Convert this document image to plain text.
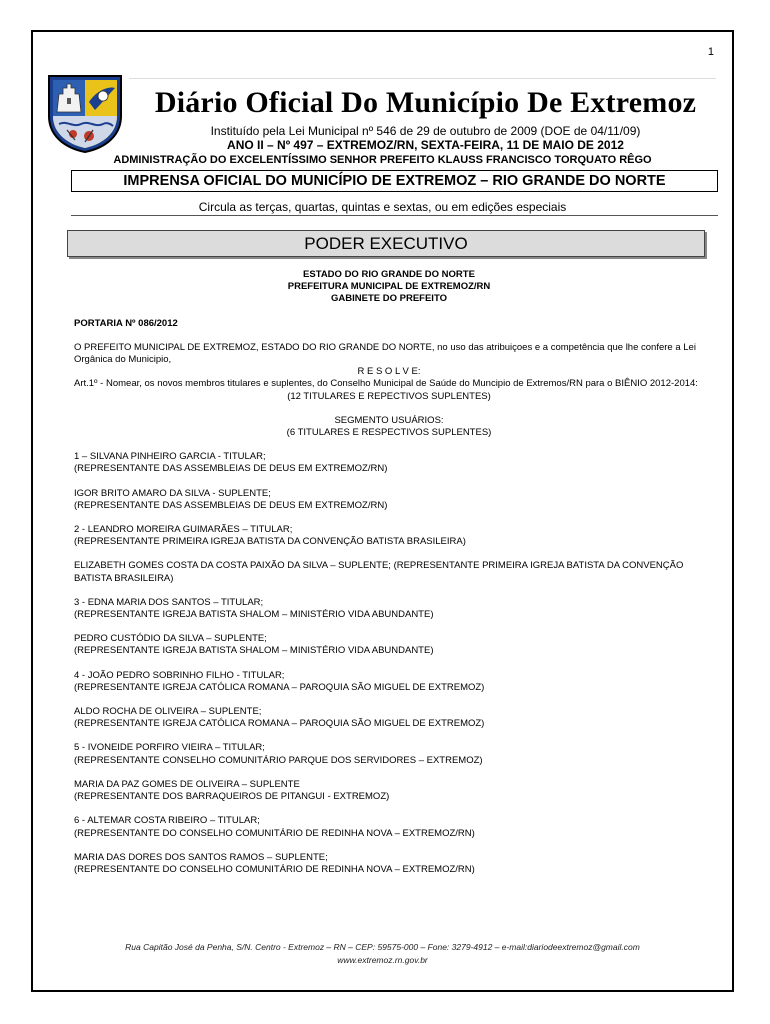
1
Diário Oficial Do Município De Extremoz
Instituído pela Lei Municipal nº 546 de 29 de outubro de 2009 (DOE de 04/11/09)
ANO II – Nº 497 – EXTREMOZ/RN, SEXTA-FEIRA, 11 DE MAIO DE 2012
ADMINISTRAÇÃO DO EXCELENTÍSSIMO SENHOR PREFEITO KLAUSS FRANCISCO TORQUATO RÊGO
IMPRENSA OFICIAL DO MUNICÍPIO DE EXTREMOZ – RIO GRANDE DO NORTE
Circula as terças, quartas, quintas e sextas, ou em edições especiais
PODER EXECUTIVO
ESTADO DO RIO GRANDE DO NORTE
PREFEITURA MUNICIPAL DE EXTREMOZ/RN
GABINETE DO PREFEITO
PORTARIA Nº 086/2012
O PREFEITO MUNICIPAL DE EXTREMOZ, ESTADO DO RIO GRANDE DO NORTE, no uso das atribuiçoes e a competência que lhe confere a Lei Orgânica do Municipio,
R E S O L V E:
Art.1º - Nomear, os novos membros titulares e suplentes, do Conselho Municipal de Saúde do Muncipio de Extremos/RN para o BIÊNIO 2012-2014:
(12 TITULARES E REPECTIVOS SUPLENTES)
SEGMENTO USUÁRIOS:
(6 TITULARES E RESPECTIVOS SUPLENTES)
1 – SILVANA PINHEIRO GARCIA - TITULAR;
(REPRESENTANTE DAS ASSEMBLEIAS DE DEUS EM EXTREMOZ/RN)
IGOR BRITO AMARO DA SILVA - SUPLENTE;
(REPRESENTANTE DAS ASSEMBLEIAS DE DEUS EM EXTREMOZ/RN)
2 - LEANDRO MOREIRA GUIMARÃES – TITULAR;
(REPRESENTANTE PRIMEIRA IGREJA BATISTA DA CONVENÇÃO BATISTA BRASILEIRA)
ELIZABETH GOMES COSTA DA COSTA PAIXÃO DA SILVA – SUPLENTE; (REPRESENTANTE PRIMEIRA IGREJA BATISTA DA CONVENÇÃO BATISTA BRASILEIRA)
3 - EDNA MARIA DOS SANTOS – TITULAR;
(REPRESENTANTE IGREJA BATISTA SHALOM – MINISTÉRIO VIDA ABUNDANTE)
PEDRO CUSTÓDIO DA SILVA – SUPLENTE;
(REPRESENTANTE IGREJA BATISTA SHALOM – MINISTÉRIO VIDA ABUNDANTE)
4 - JOÃO PEDRO SOBRINHO FILHO - TITULAR;
(REPRESENTANTE IGREJA CATÓLICA ROMANA – PAROQUIA SÃO MIGUEL DE EXTREMOZ)
ALDO ROCHA DE OLIVEIRA – SUPLENTE;
(REPRESENTANTE IGREJA CATÓLICA ROMANA – PAROQUIA SÃO MIGUEL DE EXTREMOZ)
5 - IVONEIDE PORFIRO VIEIRA – TITULAR;
(REPRESENTANTE CONSELHO COMUNITÁRIO PARQUE DOS SERVIDORES – EXTREMOZ)
MARIA DA PAZ GOMES DE OLIVEIRA – SUPLENTE
(REPRESENTANTE DOS BARRAQUEIROS DE PITANGUI - EXTREMOZ)
6 - ALTEMAR COSTA RIBEIRO – TITULAR;
(REPRESENTANTE DO CONSELHO COMUNITÁRIO DE REDINHA NOVA – EXTREMOZ/RN)
MARIA DAS DORES DOS SANTOS RAMOS – SUPLENTE;
(REPRESENTANTE DO CONSELHO COMUNITÁRIO DE REDINHA NOVA – EXTREMOZ/RN)
Rua Capitão José da Penha, S/N. Centro - Extremoz – RN – CEP: 59575-000 – Fone: 3279-4912 – e-mail:diariodeextremoz@gmail.com
www.extremoz.rn.gov.br
